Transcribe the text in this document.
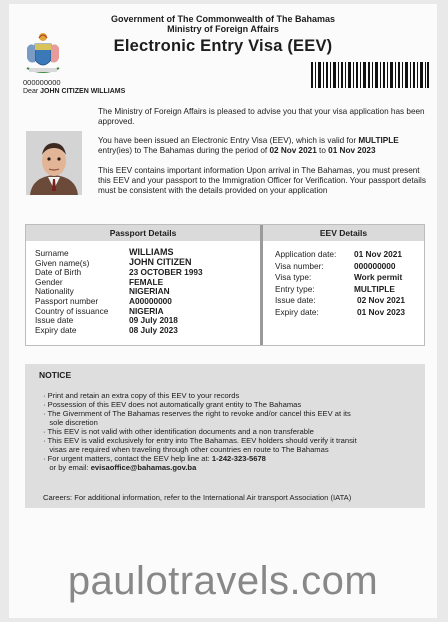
Government of The Commonwealth of The Bahamas
Ministry of Foreign Affairs
Electronic Entry Visa (EEV)
000000000
Dear JOHN CITIZEN WILLIAMS
The Ministry of Foreign Affairs is pleased to advise you that your visa application has been approved.
You have been issued an Electronic Entry Visa (EEV), which is valid for MULTIPLE entry(ies) to The Bahamas during the period of 02 Nov 2021 to 01 Nov 2023
This EEV contains important information Upon arrival in The Bahamas, you must present this EEV and your passport to the Immigration Officer for Verification. Your passport details must be consistent with the details provided on your application
Passport Details	EEV Details
Surname	WILLIAMS
Given name(s)	JOHN CITIZEN
Date of Birth	23 OCTOBER 1993
Gender	FEMALE
Nationality	NIGERIAN
Passport number	A00000000
Country of issuance NIGERIA
Issue date	09 July 2018
Expiry date	08 July 2023
Application date: 01 Nov 2021
Visa number:	000000000
Visa type:	Work permit
Entry type:	MULTIPLE
Issue date:	02 Nov 2021
Expiry date:	01 Nov 2023
NOTICE
· Print and retain an extra copy of this EEV to your records
· Possession of this EEV does not automatically grant entity to The Bahamas
· The Givernment of The Bahamas reserves the right to revoke and/or cancel this EEV at its
sole discretion
· This EEV is not valid with other identification documents and a non transferable
· This EEV is valid exclusively for entry into The Bahamas. EEV holders should verify it transit
visas are required when traveling through other countries en route to The Bahamas
· For urgent matters, contact the EEV help line at: 1-242-323-5678
or by email: evisaoffice@bahamas.gov.ba
Careers: For additional information, refer to the International Air transport Association (IATA)
paulotravels.com
